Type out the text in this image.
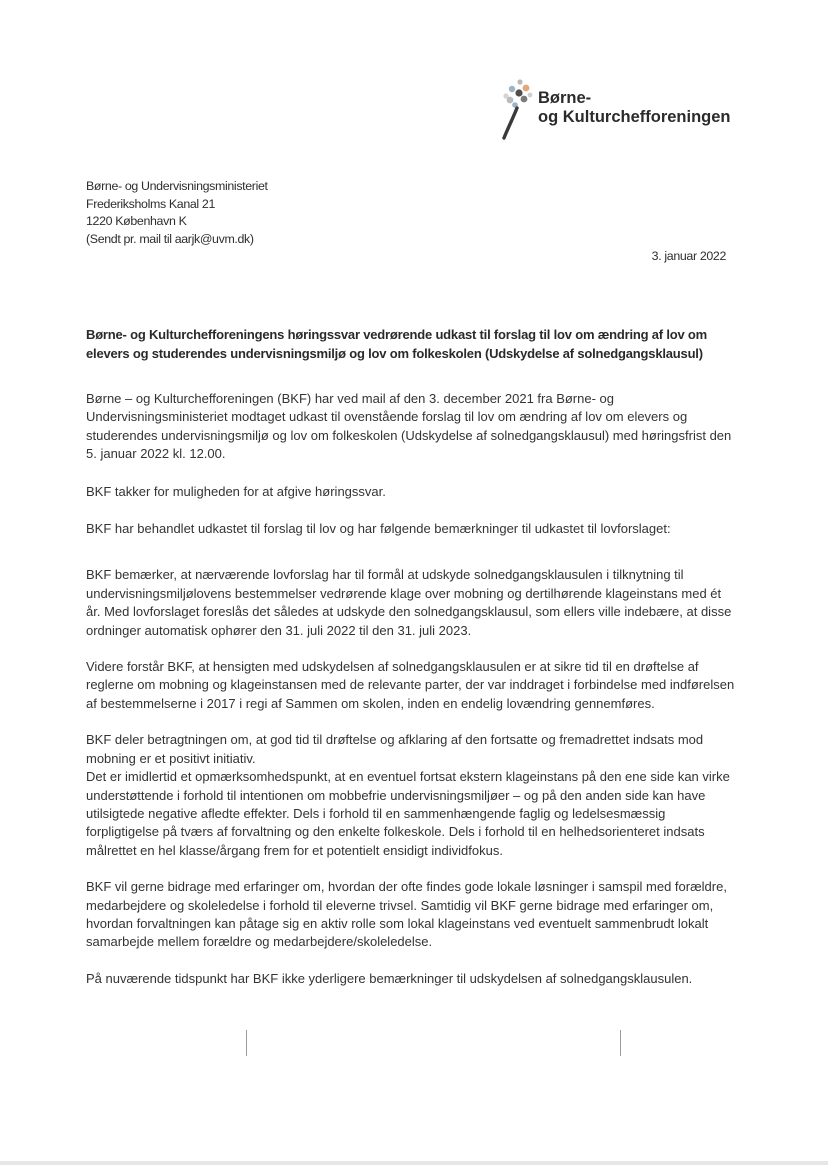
Børne-
og Kulturchefforeningen
Børne- og Undervisningsministeriet
Frederiksholms Kanal 21
1220 København K
(Sendt pr. mail til aarjk@uvm.dk)
3. januar 2022
Børne- og Kulturchefforeningens høringssvar vedrørende udkast til forslag til lov om ændring af lov om elevers og studerendes undervisningsmiljø og lov om folkeskolen (Udskydelse af solnedgangsklausul)

Børne – og Kulturchefforeningen (BKF) har ved mail af den 3. december 2021 fra Børne- og Undervisningsministeriet modtaget udkast til ovenstående forslag til lov om ændring af lov om elevers og studerendes undervisningsmiljø og lov om folkeskolen (Udskydelse af solnedgangsklausul) med høringsfrist den 5. januar 2022 kl. 12.00.

BKF takker for muligheden for at afgive høringssvar.

BKF har behandlet udkastet til forslag til lov og har følgende bemærkninger til udkastet til lovforslaget:

BKF bemærker, at nærværende lovforslag har til formål at udskyde solnedgangsklausulen i tilknytning til undervisningsmiljølovens bestemmelser vedrørende klage over mobning og dertilhørende klageinstans med ét år. Med lovforslaget foreslås det således at udskyde den solnedgangsklausul, som ellers ville indebære, at disse ordninger automatisk ophører den 31. juli 2022 til den 31. juli 2023.

Videre forstår BKF, at hensigten med udskydelsen af solnedgangsklausulen er at sikre tid til en drøftelse af reglerne om mobning og klageinstansen med de relevante parter, der var inddraget i forbindelse med indførelsen af bestemmelserne i 2017 i regi af Sammen om skolen, inden en endelig lovændring gennemføres.

BKF deler betragtningen om, at god tid til drøftelse og afklaring af den fortsatte og fremadrettet indsats mod mobning er et positivt initiativ.

Det er imidlertid et opmærksomhedspunkt, at en eventuel fortsat ekstern klageinstans på den ene side kan virke understøttende i forhold til intentionen om mobbefrie undervisningsmiljøer – og på den anden side kan have utilsigtede negative afledte effekter. Dels i forhold til en sammenhængende faglig og ledelsesmæssig forpligtigelse på tværs af forvaltning og den enkelte folkeskole. Dels i forhold til en helhedsorienteret indsats målrettet en hel klasse/årgang frem for et potentielt ensidigt individfokus.

BKF vil gerne bidrage med erfaringer om, hvordan der ofte findes gode lokale løsninger i samspil med forældre, medarbejdere og skoleledelse i forhold til eleverne trivsel. Samtidig vil BKF gerne bidrage med erfaringer om, hvordan forvaltningen kan påtage sig en aktiv rolle som lokal klageinstans ved eventuelt sammenbrudt lokalt samarbejde mellem forældre og medarbejdere/skoleledelse.

På nuværende tidspunkt har BKF ikke yderligere bemærkninger til udskydelsen af solnedgangsklausulen.
